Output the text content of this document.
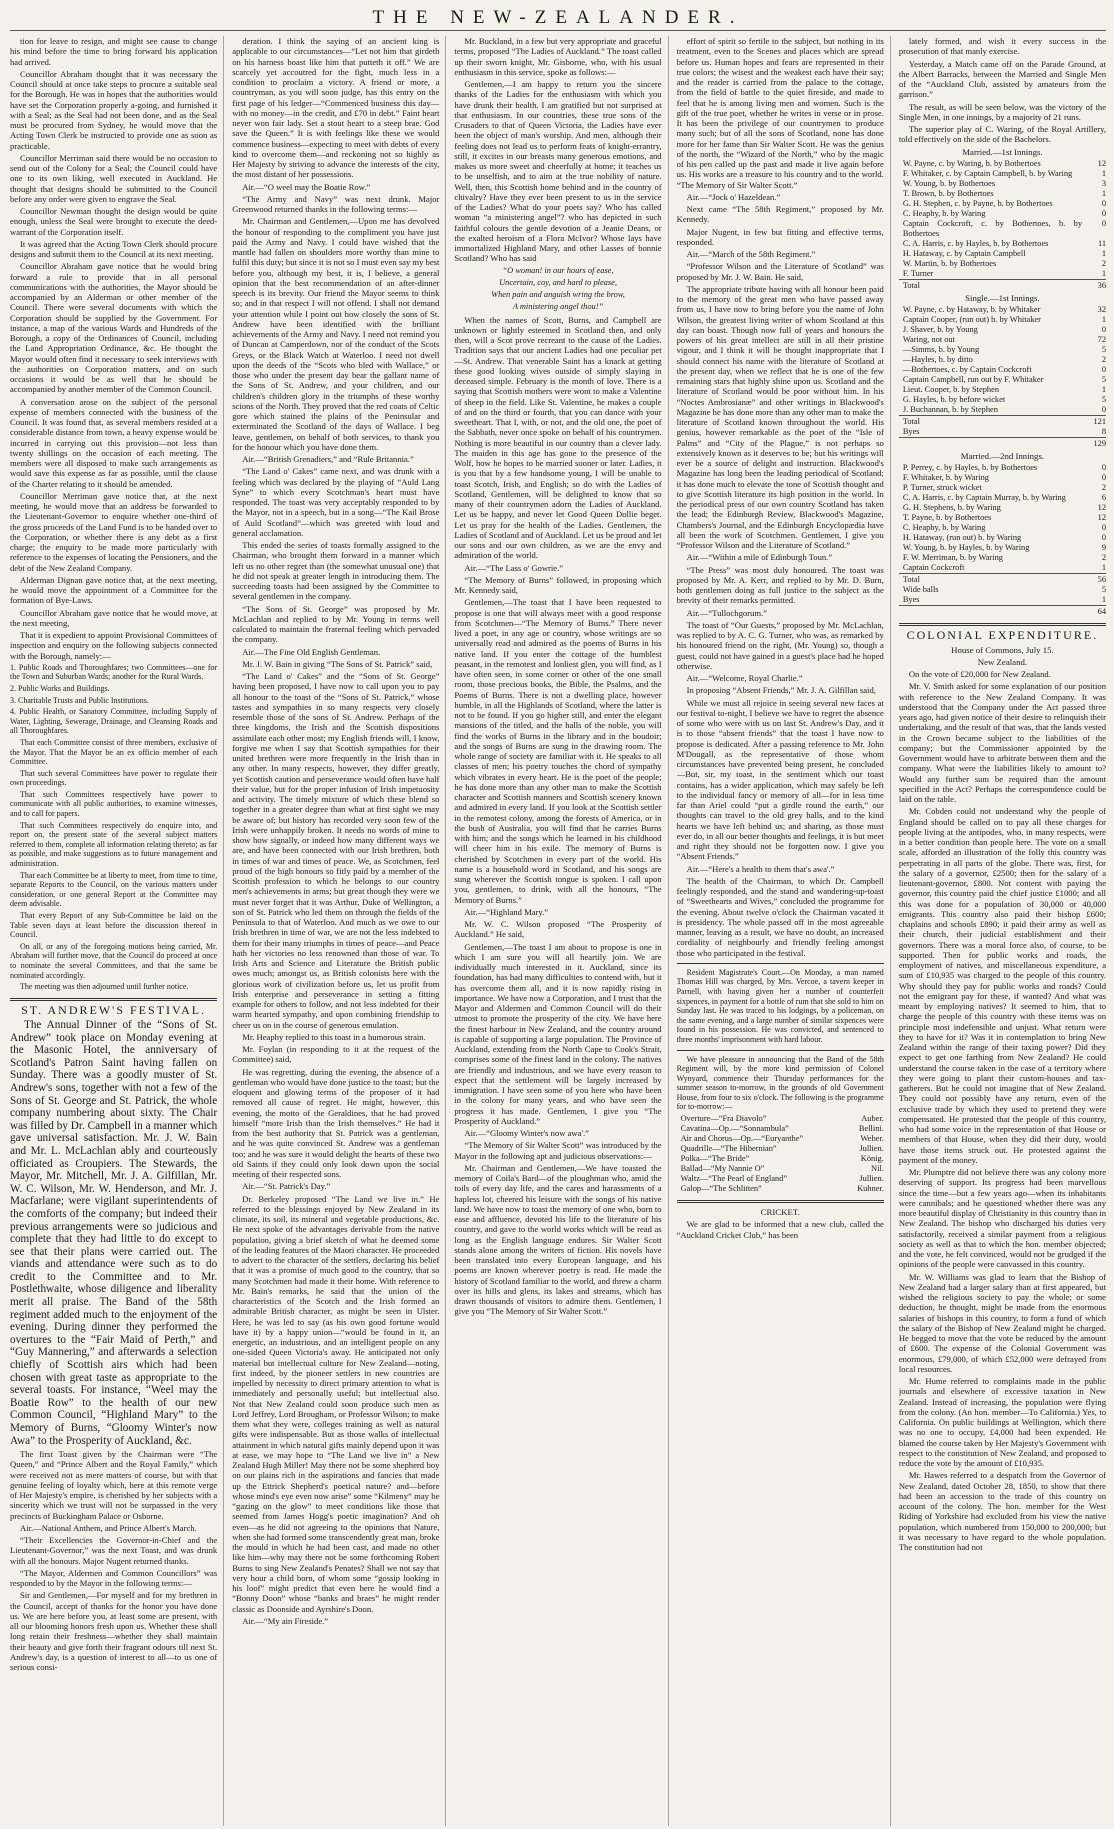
THE NEW-ZEALANDER.

tion for leave to resign, and might see cause to change his mind before the time to bring forward his application had arrived.

Councillor Abraham thought that it was necessary the Council should at once take steps to procure a suitable seal for the Borough. He was in hopes that the authorities would have set the Corporation properly a-going, and furnished it with a Seal; as the Seal had not been done, and as the Seal must be procured from Sydney, he would move that the Acting Town Clerk be instructed to provide one as soon as practicable.

Councillor Merriman said there would be no occasion to send out of the Colony for a Seal; the Council could have one to its own liking, well executed in Auckland. He thought that designs should be submitted to the Council before any order were given to engrave the Seal.

Councillor Newman thought the design would be quite enough, unless the Seal were brought to execute the deed-warrant of the Corporation itself.

It was agreed that the Acting Town Clerk should procure designs and submit them to the Council at its next meeting.

Councillor Abraham gave notice that he would bring forward a rule to provide that in all personal communications with the authorities, the Mayor should be accompanied by an Alderman or other member of the Council. There were several documents with which the Corporation should be supplied by the Government. For instance, a map of the various Wards and Hundreds of the Borough, a copy of the Ordinances of Council, including the Land Appropriation Ordinance, &c. He thought the Mayor would often find it necessary to seek interviews with the authorities on Corporation matters, and on such occasions it would be as well that he should be accompanied by another member of the Common Council.

A conversation arose on the subject of the personal expense of members connected with the business of the Council. It was found that, as several members resided at a considerable distance from town, a heavy expense would be incurred in carrying out this provision—not less than twenty shillings on the occasion of each meeting. The members were all disposed to make such arrangements as would save this expense as far as possible, until the clause of the Charter relating to it should be amended.

Councillor Merriman gave notice that, at the next meeting, he would move that an address be forwarded to the Lieutenant-Governor to enquire whether one-third of the gross proceeds of the Land Fund is to be handed over to the Corporation, or whether there is any debt as a first charge; the enquiry to be made more particularly with reference to the expenses of locating the Pensioners, and the debt of the New Zealand Company.

Alderman Dignan gave notice that, at the next meeting, he would move the appointment of a Committee for the formation of Bye-Laws.

Councillor Abraham gave notice that he would move, at the next meeting,

That it is expedient to appoint Provisional Committees of inspection and enquiry on the following subjects connected with the Borough, namely:—

1. Public Roads and Thoroughfares; two Committees—one for the Town and Suburban Wards; another for the Rural Wards.

2. Public Works and Buildings.

3. Charitable Trusts and Public Institutions.

4. Public Health, or Sanatory Committee, including Supply of Water, Lighting, Sewerage, Drainage, and Cleansing Roads and all Thoroughfares.

That each Committee consist of three members, exclusive of the Mayor. That the Mayor be an ex officio member of each Committee.

That such several Committees have power to regulate their own proceedings.

That such Committees respectively have power to communicate with all public authorities, to examine witnesses, and to call for papers.

That such Committees respectively do enquire into, and report on, the present state of the several subject matters referred to them, complete all information relating thereto; as far as possible, and make suggestions as to future management and administration.

That each Committee be at liberty to meet, from time to time, separate Reports to the Council, on the various matters under consideration, or one general Report at the Committee may deem advisable.

That every Report of any Sub-Committee be laid on the Table seven days at least before the discussion thereof in Council.

On all, or any of the foregoing motions being carried, Mr. Abraham will further move, that the Council do proceed at once to nominate the several Committees, and that the same be nominated accordingly.

The meeting was then adjourned until further notice.

ST. ANDREW'S FESTIVAL.

The Annual Dinner of the “Sons of St. Andrew” took place on Monday evening at the Masonic Hotel, the anniversary of Scotland's Patron Saint having fallen on Sunday. There was a goodly muster of St. Andrew's sons, together with not a few of the Sons of St. George and St. Patrick, the whole company numbering about sixty. The Chair was filled by Dr. Campbell in a manner which gave universal satisfaction. Mr. J. W. Bain and Mr. L. McLachlan ably and courteously officiated as Croupiers. The Stewards, the Mayor, Mr. Mitchell, Mr. J. A. Gilfillan, Mr. W. C. Wilson, Mr. W. Henderson, and Mr. J. Macfarlane; were vigilant superintendents of the comforts of the company; but indeed their previous arrangements were so judicious and complete that they had little to do except to see that their plans were carried out. The viands and attendance were such as to do credit to the Committee and to Mr. Postlethwaite, whose diligence and liberality merit all praise. The Band of the 58th regiment added much to the enjoyment of the evening. During dinner they performed the overtures to the “Fair Maid of Perth,” and “Guy Mannering,” and afterwards a selection chiefly of Scottish airs which had been chosen with great taste as appropriate to the several toasts. For instance, “Weel may the Boatie Row” to the health of our new Common Council, “Highland Mary” to the Memory of Burns, “Gloomy Winter's now Awa” to the Prosperity of Auckland, &c.

The first Toast given by the Chairman were “The Queen,” and “Prince Albert and the Royal Family,” which were received not as mere matters of course, but with that genuine feeling of loyalty which, here at this remote verge of Her Majesty's empire, is cherished by her subjects with a sincerity which we trust will not be surpassed in the very precincts of Buckingham Palace or Osborne.

Air.—National Anthem, and Prince Albert's March.

“Their Excellencies the Governor-in-Chief and the Lieutenant-Governor,” was the next Toast, and was drunk with all the honours. Major Nugent returned thanks.

“The Mayor, Aldermen and Common Councillors” was responded to by the Mayor in the following terms:—

Sir and Gentlemen,—For myself and for my brethren in the Council, accept of thanks for the honor you have done us. We are here before you, at least some are present, with all our blooming honors fresh upon us. Whether these shall long retain their freshness—whether they shall maintain their beauty and give forth their fragrant odours till next St. Andrew's day, is a question of interest to all—to us one of serious consi-

deration. I think the saying of an ancient king is applicable to our circumstances—“Let not him that girdeth on his harness boast like him that putteth it off.” We are scarcely yet accoutred for the fight, much less in a condition to proclaim a victory. A friend or more, a countryman, as you will soon judge, has this entry on the first page of his ledger—“Commenced business this day—with no money—in the credit, and £70 in debt.” Faint heart never won fair lady. Set a stout heart to a steep brae. God save the Queen.” It is with feelings like these we would commence business—expecting to meet with debts of every kind to overcome them—and reckoning not so highly as Her Majesty by striving to advance the interests of the city, the most distant of her possessions.

Air.—“O weel may the Boatie Row.”

“The Army and Navy” was next drunk. Major Greenwood returned thanks in the following terms:—

Mr. Chairman and Gentlemen,—Upon me has devolved the honour of responding to the compliment you have just paid the Army and Navy. I could have wished that the mantle had fallen on shoulders more worthy than mine to fulfil this duty; but since it is not so I must even say my best before you, although my best, it is, I believe, a general opinion that the best recommendation of an after-dinner speech is its brevity. Our friend the Mayor seems to think so; and in that respect I will not offend. I shall not demand your attention while I point out how closely the sons of St. Andrew have been identified with the brilliant achievements of the Army and Navy. I need not remind you of Duncan at Camperdown, nor of the conduct of the Scots Greys, or the Black Watch at Waterloo. I need not dwell upon the deeds of the “Scots who bled with Wallace,” or those who under the present day bear the gallant name of the Sons of St. Andrew, and your children, and our children's children glory in the triumphs of these worthy scions of the North. They proved that the red coats of Celtic gore which stained the plains of the Peninsular and exterminated the Scotland of the days of Wallace. I beg leave, gentlemen, on behalf of both services, to thank you for the honour which you have done them.

Air.—“British Grenadiers,” and “Rule Britannia.”

“The Land o' Cakes” came next, and was drunk with a feeling which was declared by the playing of “Auld Lang Syne” to which every Scotchman's heart must have responded. The toast was very acceptably responded to by the Mayor, not in a speech, but in a song—“The Kail Brose of Auld Scotland”—which was greeted with loud and general acclamation.

This ended the series of toasts formally assigned to the Chairman, who brought them forward in a manner which left us no other regret than (the somewhat unusual one) that he did not speak at greater length in introducing them. The succeeding toasts had been assigned by the Committee to several gentlemen in the company.

“The Sons of St. George” was proposed by Mr. McLachlan and replied to by Mr. Young in terms well calculated to maintain the fraternal feeling which pervaded the company.

Air.—The Fine Old English Gentleman.

Mr. J. W. Bain in giving “The Sons of St. Patrick” said,

“The Land o' Cakes” and the “Sons of St. George” having been proposed, I have now to call upon you to pay all honour to the toast of the “Sons of St. Patrick,” whose tastes and sympathies in so many respects very closely resemble those of the sons of St. Andrew. Perhaps of the three kingdoms, the Irish and the Scottish dispositions assimilate each other most; my English friends will, I know, forgive me when I say that Scottish sympathies for their united brethren were more frequently in the Irish than in any other. In many respects, however, they differ greatly, yet Scottish caution and perseverance would often have half their value, but for the proper infusion of Irish impetuosity and activity. The timely mixture of which these blend so together in a greater degree than what at first sight we may be aware of; but history has recorded very soon few of the Irish were unhappily broken. It needs no words of mine to show how signally, or indeed how many different ways we are, and have been connected with our Irish brethren, both in times of war and times of peace. We, as Scotchmen, feel proud of the high honours so fitly paid by a member of the Scottish profession to which he belongs to our country men's achievements in arms; but great though they were we must never forget that it was Arthur, Duke of Wellington, a son of St. Patrick who led them on through the fields of the Peninsula to that of Waterloo. And much as we owe to our Irish brethren in time of war, we are not the less indebted to them for their many triumphs in times of peace—and Peace hath her victories no less renowned than those of war. To Irish Arts and Science and Literature the British public owes much; amongst us, as British colonists here with the glorious work of civilization before us, let us profit from Irish enterprise and perseverance in setting a fitting example for others to follow, and not less indebted for their warm hearted sympathy, and upon combining friendship to cheer us on in the course of generous emulation.

Mr. Heaphy replied to this toast in a humorous strain.

Mr. Foylan (in responding to it at the request of the Committee) said,

He was regretting, during the evening, the absence of a gentleman who would have done justice to the toast; but the eloquent and glowing terms of the proposer of it had removed all cause of regret. He might, however, this evening, the motto of the Geraldines, that he had proved himself “more Irish than the Irish themselves.” He had it from the best authority that St. Patrick was a gentleman, and he was quite convinced St. Andrew was a gentleman too; and he was sure it would delight the hearts of these two old Saints if they could only look down upon the social meeting of their respected sons.

Air.—“St. Patrick's Day.”

Dr. Berkeley proposed “The Land we live in.” He referred to the blessings enjoyed by New Zealand in its climate, its soil, its mineral and vegetable productions, &c. He next spoke of the advantages derivable from the native population, giving a brief sketch of what he deemed some of the leading features of the Maori character. He proceeded to advert to the character of the settlers, declaring his belief that it was a promise of much good to the country, that so many Scotchmen had made it their home. With reference to Mr. Bain's remarks, he said that the union of the characteristics of the Scotch and the Irish formed an admirable British character, as might be seen in Ulster. Here, he was led to say (as his own good fortune would have it) by a happy union—“would be found in it, an energetic, an industrious, and an intelligent people on any one-sided Queen Victoria's away. He anticipated not only material but intellectual culture for New Zealand—noting, first indeed, by the pioneer settlers in new countries are impelled by necessity to direct primary attention to what is immediately and personally useful; but intellectual also. Not that New Zealand could soon produce such men as Lord Jeffrey, Lord Brougham, or Professor Wilson; to make them what they were, colleges training as well as natural gifts were indispensable. But as those walks of intellectual attainment in which natural gifts mainly depend upon it was at ease, we may hope to “The Land we live in” a New Zealand Hugh Miller! May there not be some shepherd boy on our plains rich in the aspirations and fancies that made up the Ettrick Shepherd's poetical nature? and—before whose mind's eye even now arise” some “Kilmeny” may be “gazing on the glow” to meet conditions like those that seemed from James Hogg's poetic imagination? And oh even—as he did not agreeing to the opinions that Nature, when she had formed some transcendently great man, broke the mould in which he had been cast, and made no other like him—why may there not be some forthcoming Robert Burns to sing New Zealand's Penates? Shall we not say that very hour a child born, of whom some “gossip looking in his loof” might predict that even here he would find a “Bonny Doon” whose “banks and braes” he might render classic as Doonside and Ayrshire's Doon.

Air.—“My ain Fireside.”

Mr. Buckland, in a few but very appropriate and graceful terms, proposed “The Ladies of Auckland.” The toast called up their sworn knight, Mr. Gisborne, who, with his usual enthusiasm in this service, spoke as follows:—

Gentlemen,—I am happy to return you the sincere thanks of the Ladies for the enthusiasm with which you have drunk their health. I am gratified but not surprised at that enthusiasm. In our countries, these true sons of the Crusaders to that of Queen Victoria, the Ladies have ever been the object of man's worship. And men, although their feeling does not lead us to perform feats of knight-errantry, still, it excites in our breasts many generous emotions, and makes us more sweet and cheerfully at home; it teaches us to be unselfish, and to aim at the true nobility of nature. Well, then, this Scottish home behind and in the country of chivalry? Have they ever been present to us in the service of the Ladies? What do your poets say? Who has called woman “a ministering angel”? who has depicted in such faithful colours the gentle devotion of a Jeanie Deans, or the exalted heroism of a Flora McIvor? Whose lays have immortalized Highland Mary, and other Lasses of bonnie Scotland? Who has said

“O woman! in our hours of ease,
Uncertain, coy, and hard to please,
When pain and anguish wring the brow,
A ministering angel thou!”

When the names of Scott, Burns, and Campbell are unknown or lightly esteemed in Scotland then, and only then, will a Scot prove recreant to the cause of the Ladies. Tradition says that our ancient Ladies had one peculiar pet—St. Andrew. That venerable Saint has a knack at getting these good looking wives outside of simply slaying in deceased simple. February is the month of love. There is a saying that Scottish mothers were wont to make a Valentine of sheep in the field. Like St. Valentine, he makes a couple of and on the third or fourth, that you can dance with your sweetheart. That I, with, or not, and the old one, the poet of the Sabbath, never once spoke on behalf of his countrymen. Nothing is more beautiful in our country than a clever lady. The maiden in this age has gone to the presence of the Wolf, how he hopes to be married sooner or later. Ladies, it is you that by a few handsome young, I will be unable to toast Scotch, Irish, and English; so do with the Ladies of Scotland, Gentlemen, will be delighted to know that so many of their countrymen adorn the Ladies of Auckland. Let us be happy, and never let Good Queen Dollie beget. Let us pray for the health of the Ladies. Gentlemen, the Ladies of Scotland and of Auckland. Let us be proud and let our sons and our own children, as we are the envy and admiration of the world.

Air.—“The Lass o' Gowrie.”

“The Memory of Burns” followed, in proposing which Mr. Kennedy said,

Gentlemen,—The toast that I have been requested to propose is one that will always meet with a good response from Scotchmen—“The Memory of Burns.” There never lived a poet, in any age or country, whose writings are so universally read and admired as the poems of Burns in his native land. If you enter the cottage of the humblest peasant, in the remotest and lonliest glen, you will find, as I have often seen, in some corner or other of the one small room, those precious books, the Bible, the Psalms, and the Poems of Burns. There is not a dwelling place, however humble, in all the Highlands of Scotland, where the latter is not to be found. If you go higher still, and enter the elegant mansions of the titled, and the halls of the noble, you will find the works of Burns in the library and in the boudoir; and the songs of Burns are sung in the drawing room. The whole range of society are familiar with it. He speaks to all classes of men; his poetry touches the chord of sympathy which vibrates in every heart. He is the poet of the people; he has done more than any other man to make the Scottish character and Scottish manners and Scottish scenery known and admired in every land. If you look at the Scottish settler in the remotest colony, among the forests of America, or in the bush of Australia, you will find that he carries Burns with him; and the songs which he learned in his childhood will cheer him in his exile. The memory of Burns is cherished by Scotchmen in every part of the world. His name is a household word in Scotland, and his songs are sung wherever the Scottish tongue is spoken. I call upon you, gentlemen, to drink, with all the honours, “The Memory of Burns.”

Air.—“Highland Mary.”

Mr. W. C. Wilson proposed “The Prosperity of Auckland.” He said,

Gentlemen,—The toast I am about to propose is one in which I am sure you will all heartily join. We are individually much interested in it. Auckland, since its foundation, has had many difficulties to contend with, but it has overcome them all, and it is now rapidly rising in importance. We have now a Corporation, and I trust that the Mayor and Aldermen and Common Council will do their utmost to promote the prosperity of the city. We have here the finest harbour in New Zealand, and the country around is capable of supporting a large population. The Province of Auckland, extending from the North Cape to Cook's Strait, comprises some of the finest land in the colony. The natives are friendly and industrious, and we have every reason to expect that the settlement will be largely increased by immigration. I have seen some of you here who have been in the colony for many years, and who have seen the progress it has made. Gentlemen, I give you “The Prosperity of Auckland.”

Air.—“Gloomy Winter's now awa'.”

“The Memory of Sir Walter Scott” was introduced by the Mayor in the following apt and judicious observations:—

Mr. Chairman and Gentlemen,—We have toasted the memory of Coila's Bard—of the ploughman who, amid the toils of every day life, and the cares and harassments of a hapless lot, cheered his leisure with the songs of his native land. We have now to toast the memory of one who, born to ease and affluence, devoted his life to the literature of his country, and gave to the world works which will be read as long as the English language endures. Sir Walter Scott stands alone among the writers of fiction. His novels have been translated into every European language, and his poems are known wherever poetry is read. He made the history of Scotland familiar to the world, and threw a charm over its hills and glens, its lakes and streams, which has drawn thousands of visitors to admire them. Gentlemen, I give you “The Memory of Sir Walter Scott.”

effort of spirit so fertile to the subject, but nothing in its treatment, even to the Scenes and places which are spread before us. Human hopes and fears are represented in their true colors; the wisest and the weakest each have their say; and the reader is carried from the palace to the cottage, from the field of battle to the quiet fireside, and made to feel that he is among living men and women. Such is the gift of the true poet, whether he writes in verse or in prose. It has been the privilege of our countrymen to produce many such; but of all the sons of Scotland, none has done more for her fame than Sir Walter Scott. He was the genius of the north, the “Wizard of the North,” who by the magic of his pen called up the past and made it live again before us. His works are a treasure to his country and to the world. “The Memory of Sir Walter Scott.”

Air.—“Jock o' Hazeldean.”

Next came “The 58th Regiment,” proposed by Mr. Kennedy.

Major Nugent, in few but fitting and effective terms, responded.

Air.—“March of the 58th Regiment.”

“Professor Wilson and the Literature of Scotland” was proposed by Mr. J. W. Bain. He said,

The appropriate tribute having with all honour been paid to the memory of the great men who have passed away from us, I have now to bring before you the name of John Wilson, the greatest living writer of whom Scotland at this day can boast. Though now full of years and honours the powers of his great intellect are still in all their pristine vigour, and I think it will be thought inappropriate that I should connect his name with the literature of Scotland at the present day, when we reflect that he is one of the few remaining stars that highly shine upon us. Scotland and the literature of Scotland would be poor without him. In his “Noctes Ambrosianæ” and other writings in Blackwood's Magazine he has done more than any other man to make the literature of Scotland known throughout the world. His genius, however remarkable as the poet of the “Isle of Palms” and “City of the Plague,” is not perhaps so extensively known as it deserves to be; but his writings will ever be a source of delight and instruction. Blackwood's Magazine has long been the leading periodical of Scotland; it has done much to elevate the tone of Scottish thought and to give Scottish literature its high position in the world. In the periodical press of our own country Scotland has taken the lead; the Edinburgh Review, Blackwood's Magazine, Chambers's Journal, and the Edinburgh Encyclopædia have all been the work of Scotchmen. Gentlemen, I give you “Professor Wilson and the Literature of Scotland.”

Air.—“Within a mile of Edinburgh Toun.”

“The Press” was most duly honoured. The toast was proposed by Mr. A. Kerr, and replied to by Mr. D. Burn, both gentlemen doing as full justice to the subject as the brevity of their remarks permitted.

Air.—“Tullochgorum.”

The toast of “Our Guests,” proposed by Mr. McLachlan, was replied to by A. C. G. Turner, who was, as remarked by his honoured friend on the right, (Mr. Young) so, though a guest, could not have gained in a guest's place had he hoped otherwise.

Air.—“Welcome, Royal Charlie.”

In proposing “Absent Friends,” Mr. J. A. Gilfillan said,

While we must all rejoice in seeing several new faces at our festival to-night, I believe we have to regret the absence of some who were with us on last St. Andrew's Day, and it is to those “absent friends” that the toast I have now to propose is dedicated. After a passing reference to Mr. John M'Dougall, as the representative of those whom circumstances have prevented being present, he concluded—But, sir, my toast, in the sentiment which our toast contains, has a wider application, which may safely be left to the individual fancy or memory of all—for in less time far than Ariel could “put a girdle round the earth,” our thoughts can travel to the old grey halls, and to the kind hearts we have left behind us; and sharing, as those must ever do, in all our better thoughts and feelings, it is but meet and right they should not be forgotten now. I give you “Absent Friends.”

Air.—“Here's a health to them that's awa'.”

The health of the Chairman, to which Dr. Campbell feelingly responded, and the stand and wandering-up-toast of “Sweethearts and Wives,” concluded the programme for the evening. About twelve o'clock the Chairman vacated it is presidency. The whole passed off in the most agreeable manner, leaving as a result, we have no doubt, an increased cordiality of neighbourly and friendly feeling amongst those who participated in the festival.

Resident Magistrate's Court.—On Monday, a man named Thomas Hill was charged, by Mrs. Vercoe, a tavern keeper in Parnell, with having given her a number of counterfeit sixpences, in payment for a bottle of rum that she sold to him on Sunday last. He was traced to his lodgings, by a policeman, on the same evening, and a large number of similar sixpences were found in his possession. He was convicted, and sentenced to three months' imprisonment with hard labour.

We have pleasure in announcing that the Band of the 58th Regiment will, by the more kind permission of Colonel Wynyard, commence their Thursday performances for the summer season to-morrow, in the grounds of old Government House, from four to six o'clock. The following is the programme for to-morrow:—

Overture—“Fra Diavolo”	Auber.
Cavatina—Op.—“Sonnambula”	Bellini.
Air and Chorus—Op.—“Euryanthe”	Weber.
Quadrille—“The Hibernian”	Jullien.
Polka—“The Bride”	König.
Ballad—“My Nannie O”	Nil.
Waltz—“The Pearl of England”	Jullien.
Galop—“The Schlitten”	Kuhner.
CRICKET.

We are glad to be informed that a new club, called the “Auckland Cricket Club,” has been

lately formed, and wish it every success in the prosecution of that manly exercise.

Yesterday, a Match came off on the Parade Ground, at the Albert Barracks, between the Married and Single Men of the “Auckland Club, assisted by amateurs from the garrison.”

The result, as will be seen below, was the victory of the Single Men, in one innings, by a majority of 21 runs.

The superior play of C. Waring, of the Royal Artillery, told effectively on the side of the Bachelors.

Married.—1st Innings.
W. Payne, c. by Waring, b. by Bothertoes	12
F. Whitaker, c. by Captain Campbell, b. by Waring	1
W. Young, b. by Bothertoes	3
T. Brown, b. by Bothertoes	1
G. H. Stephen, c. by Payne, b. by Bothertoes	0
C. Heaphy, b. by Waring	0
Captain Cockcroft, c. by Bothertoes, b. by Bothertoes	0
C. A. Harris, c. by Hayles, b. by Bothertoes	11
H. Hataway, c. by Captain Campbell	1
W. Martin, b. by Bothertoes	2
F. Turner	1
Total	36
Single.—1st Innings.
W. Payne, c. by Hataway, b. by Whitaker	32
Captain Cooper, (run out) b. by Whitaker	1
J. Shaver, b. by Young	0
Waring, not out	72
—Simms, b. by Young	5
—Hayles, b. by ditto	2
—Bothertoes, c. by Captain Cockcroft	0
Captain Campbell, run out by F. Whitaker	5
Lieut. Cooper, b. by Stephen	1
G. Hayles, b. by before wicket	5
J. Buchannan, b. by Stephen	0
Total	121
Byes	8
	129
Married.—2nd Innings.
P. Perrey, c. by Hayles, b. by Bothertoes	0
F. Whitaker, b. by Waring	0
P. Turner, struck wicket	2
C. A. Harris, c. by Captain Murray, b. by Waring	6
G. H. Stephens, b. by Waring	12
T. Payne, b. by Bothertoes	12
C. Heaphy, b. by Waring	0
H. Hataway, (run out) b. by Waring	0
W. Young, b. by Hayles, b. by Waring	9
F. W. Merriman, b. by Waring	2
Captain Cockcroft	1
Total	56
Wide balls	5
Byes	1
	64
COLONIAL EXPENDITURE.
House of Commons, July 15.
New Zealand.

On the vote of £20,000 for New Zealand.

Mr. V. Smith asked for some explanation of our position with reference to the New Zealand Company. It was understood that the Company under the Act passed three years ago, had given notice of their desire to relinquish their undertaking, and the result of that was, that the lands vested in the Crown became subject to the liabilities of the company; but the Commissioner appointed by the Government would have to arbitrate between them and the company. What were the liabilities likely to amount to? Would any further sum be required than the amount specified in the Act? Perhaps the correspondence could be laid on the table.

Mr. Cobden could not understand why the people of England should be called on to pay all these charges for people living at the antipodes, who, in many respects, were in a better condition than people here. The vote on a small scale, afforded an illustration of the folly this country was perpetrating in all parts of the globe. There was, first, for the salary of a governor, £2500; then for the salary of a lieutenant-governor, £800. Not content with paying the governor, this country paid the chief justice £1000; and all this was done for a population of 30,000 or 40,000 emigrants. This country also paid their bishop £600; chaplains and schools £890; it paid their army as well as their church, their judicial establishment and their governors. There was a moral force also, of course, to be supported. Then for public works and roads, the employment of natives, and miscellaneous expenditure, a sum of £10,935 was charged to the people of this country. Why should they pay for public works and roads? Could not the emigrant pay for these, if wanted? And what was meant by employing natives? It seemed to him, that to charge the people of this country with these items was on principle most indefensible and unjust. What return were they to have for it? Was it in contemplation to bring New Zealand within the range of their taxing power? Did they expect to get one farthing from New Zealand? He could understand the course taken in the case of a territory where they were going to plant their custom-houses and tax-gatherers. But he could not imagine that of New Zealand. They could not possibly have any return, even of the exclusive trade by which they used to pretend they were compensated. He protested that the people of this country, who had some voice in the representation of that House or members of that House, when they did their duty, would have those items struck out. He protested against the payment of the money.

Mr. Plumptre did not believe there was any colony more deserving of support. Its progress had been marvellous since the time—but a few years ago—when its inhabitants were cannibals; and he questioned whether there was any more beautiful display of Christianity in this country than in New Zealand. The bishop who discharged his duties very satisfactorily, received a similar payment from a religious society as well as that to which the hon. member objected; and the vote, he felt convinced, would not be grudged if the opinions of the people were canvassed in this country.

Mr. W. Williams was glad to learn that the Bishop of New Zealand had a larger salary than at first appeared, but wished the religious society to pay the whole; or some deduction, he thought, might be made from the enormous salaries of bishops in this country, to form a fund of which the salary of the Bishop of New Zealand might be charged. He begged to move that the vote be reduced by the amount of £600. The expense of the Colonial Government was enormous, £79,000, of which £52,000 were defrayed from local resources.

Mr. Hume referred to complaints made in the public journals and elsewhere of excessive taxation in New Zealand. Instead of increasing, the population were flying from the colony. (An hon. member—To California.) Yes, to California. On public buildings at Wellington, which there was no one to occupy, £4,000 had been expended. He blamed the course taken by Her Majesty's Government with respect to the constitution of New Zealand, and proposed to reduce the vote by the amount of £10,935.

Mr. Hawes referred to a despatch from the Governor of New Zealand, dated October 28, 1850, to show that there had been an accession to the trade of this country on account of the colony. The hon. member for the West Riding of Yorkshire had excluded from his view the native population, which numbered from 150,000 to 200,000; but it was necessary to have regard to the whole population. The constitution had not
